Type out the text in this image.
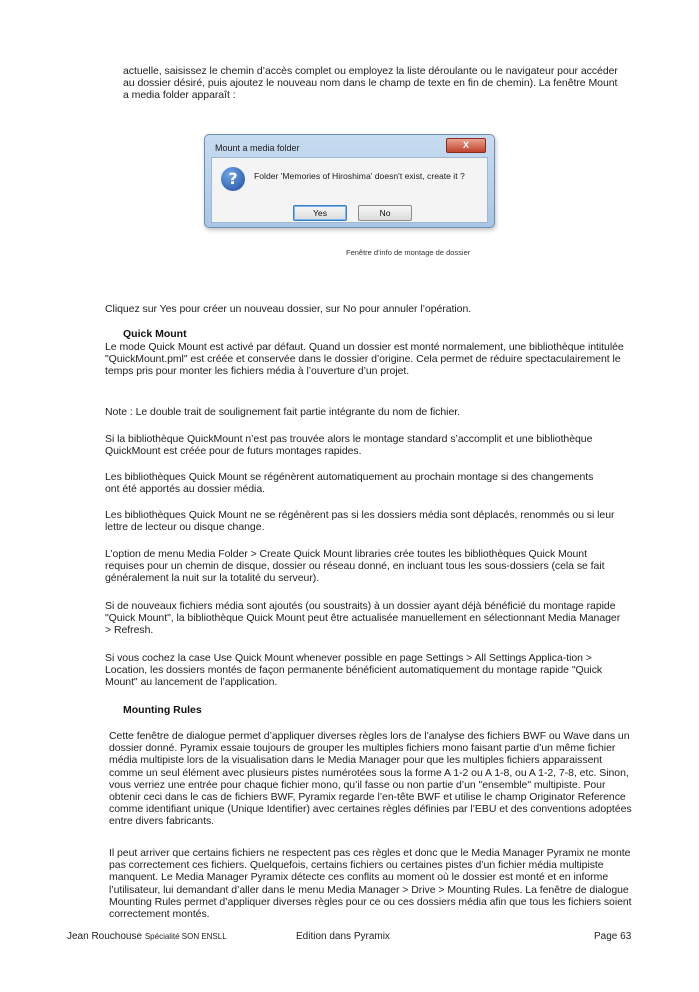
actuelle, saisissez le chemin d’accès complet ou employez la liste déroulante ou le navigateur pour accéder au dossier désiré, puis ajoutez le nouveau nom dans le champ de texte en fin de chemin). La fenêtre Mount a media folder apparaît :

Mount a media folder	X
?	Folder 'Memories of Hiroshima' doesn't exist, create it ?
Yes	No
Fenêtre d’info de montage de dossier

Cliquez sur Yes pour créer un nouveau dossier, sur No pour annuler l’opération.

Quick Mount

Le mode Quick Mount est activé par défaut. Quand un dossier est monté normalement, une bibliothèque intitulée "QuickMount.pml" est créée et conservée dans le dossier d’origine. Cela permet de réduire spectaculairement le temps pris pour monter les fichiers média à l’ouverture d’un projet.

Note : Le double trait de soulignement fait partie intégrante du nom de fichier.

Si la bibliothèque QuickMount n’est pas trouvée alors le montage standard s’accomplit et une bibliothèque QuickMount est créée pour de futurs montages rapides.

Les bibliothèques Quick Mount se régénèrent automatiquement au prochain montage si des changements ont été apportés au dossier média.

Les bibliothèques Quick Mount ne se régénèrent pas si les dossiers média sont déplacés, renommés ou si leur lettre de lecteur ou disque change.

L’option de menu Media Folder > Create Quick Mount libraries crée toutes les bibliothèques Quick Mount requises pour un chemin de disque, dossier ou réseau donné, en incluant tous les sous-dossiers (cela se fait généralement la nuit sur la totalité du serveur).

Si de nouveaux fichiers média sont ajoutés (ou soustraits) à un dossier ayant déjà bénéficié du montage rapide "Quick Mount", la bibliothèque Quick Mount peut être actualisée manuellement en sélectionnant Media Manager > Refresh.

Si vous cochez la case Use Quick Mount whenever possible en page Settings > All Settings Applica-tion > Location, les dossiers montés de façon permanente bénéficient automatiquement du montage rapide "Quick Mount" au lancement de l’application.

Mounting Rules

Cette fenêtre de dialogue permet d’appliquer diverses règles lors de l’analyse des fichiers BWF ou Wave dans un dossier donné. Pyramix essaie toujours de grouper les multiples fichiers mono faisant partie d’un même fichier média multipiste lors de la visualisation dans le Media Manager pour que les multiples fichiers apparaissent comme un seul élément avec plusieurs pistes numérotées sous la forme A 1-2 ou A 1-8, ou A 1-2, 7-8, etc. Sinon, vous verriez une entrée pour chaque fichier mono, qu’il fasse ou non partie d’un "ensemble" multipiste. Pour obtenir ceci dans le cas de fichiers BWF, Pyramix regarde l’en-tête BWF et utilise le champ Originator Reference comme identifiant unique (Unique Identifier) avec certaines règles définies par l’EBU et des conventions adoptées entre divers fabricants.

Il peut arriver que certains fichiers ne respectent pas ces règles et donc que le Media Manager Pyramix ne monte pas correctement ces fichiers. Quelquefois, certains fichiers ou certaines pistes d’un fichier média multipiste manquent. Le Media Manager Pyramix détecte ces conflits au moment où le dossier est monté et en informe l’utilisateur, lui demandant d’aller dans le menu Media Manager > Drive > Mounting Rules. La fenêtre de dialogue Mounting Rules permet d’appliquer diverses règles pour ce ou ces dossiers média afin que tous les fichiers soient correctement montés.

Jean Rouchouse Spécialité SON ENSLL	Edition dans Pyramix	Page 63
